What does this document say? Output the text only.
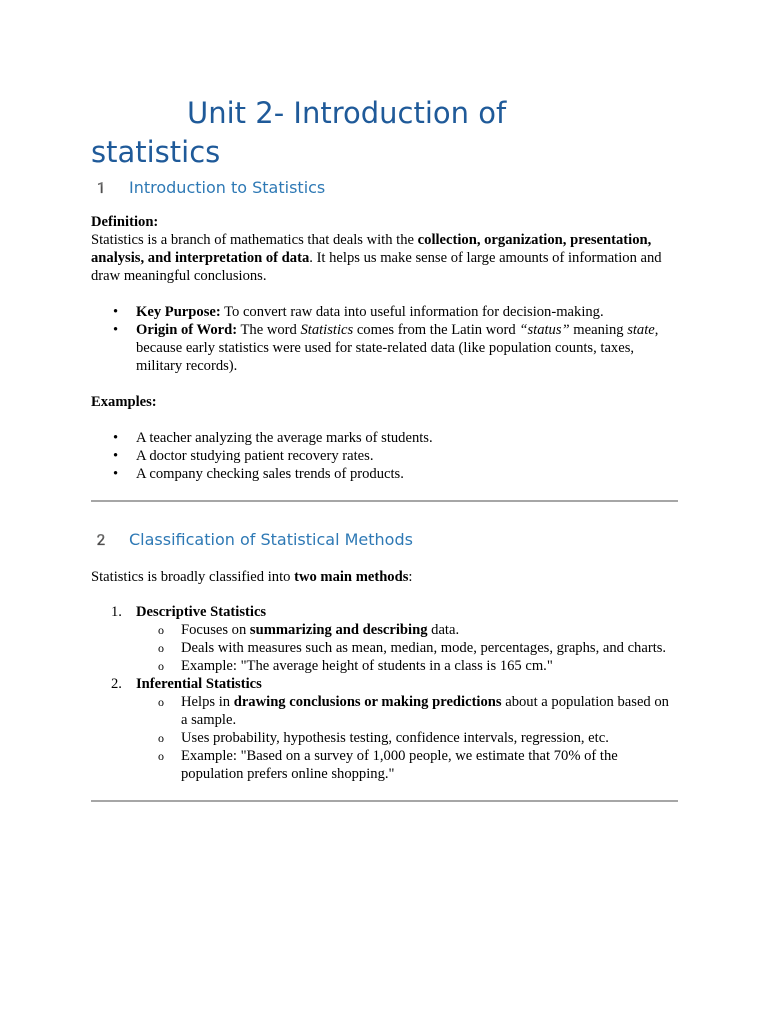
Unit 2- Introduction of
statistics
1️ Introduction to Statistics

Definition:

Statistics is a branch of mathematics that deals with the collection, organization, presentation, analysis, and interpretation of data. It helps us make sense of large amounts of information and draw meaningful conclusions.

• Key Purpose: To convert raw data into useful information for decision-making.
• Origin of Word: The word Statistics comes from the Latin word “status” meaning state, because early statistics were used for state-related data (like population counts, taxes, military records).

Examples:

• A teacher analyzing the average marks of students.
• A doctor studying patient recovery rates.
• A company checking sales trends of products.
2️ Classification of Statistical Methods

Statistics is broadly classified into two main methods:

1. Descriptive Statistics
o Focuses on summarizing and describing data.
o Deals with measures such as mean, median, mode, percentages, graphs, and charts.
o Example: "The average height of students in a class is 165 cm."
2. Inferential Statistics
o Helps in drawing conclusions or making predictions about a population based on a sample.
o Uses probability, hypothesis testing, confidence intervals, regression, etc.
o Example: "Based on a survey of 1,000 people, we estimate that 70% of the population prefers online shopping."
